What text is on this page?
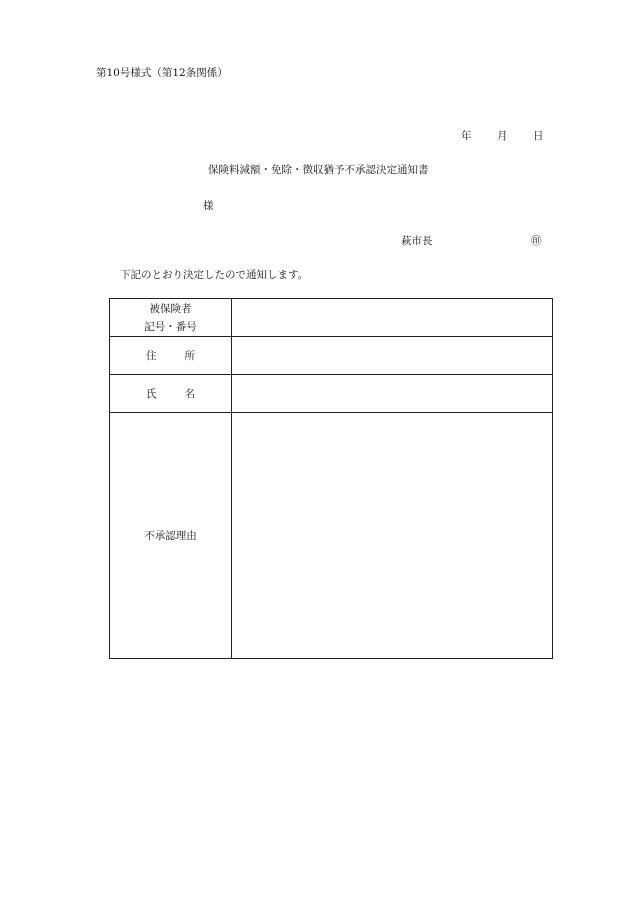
第10号様式（第12条関係）
年 月 日
保険料減額・免除・徴収猶予不承認決定通知書
様
萩市長	㊞
下記のとおり決定したので通知します。
被保険者
記号・番号	

住 所	
氏 名	
不承認理由	
